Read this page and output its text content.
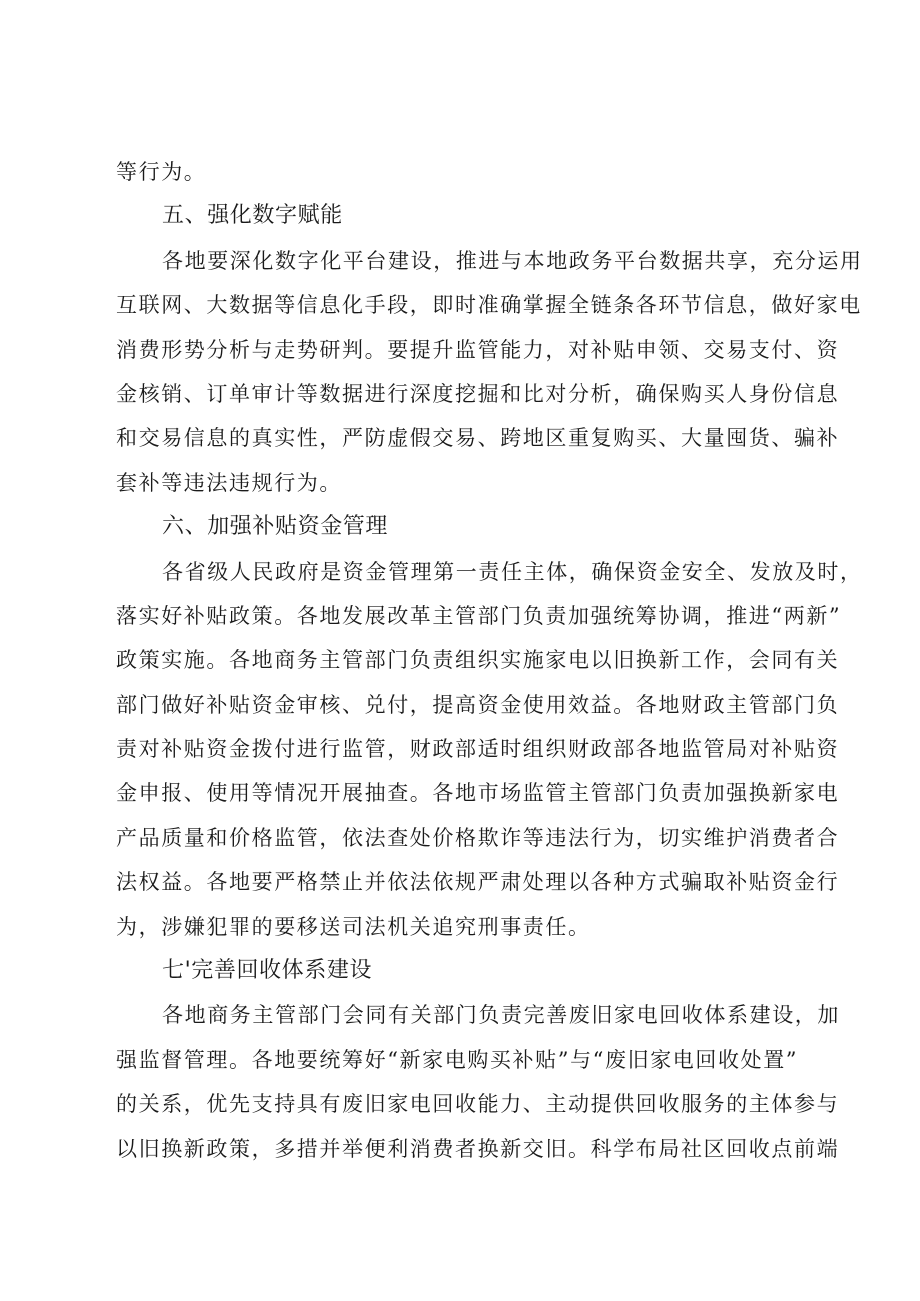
等行为。
五、强化数字赋能
各地要深化数字化平台建设，推进与本地政务平台数据共享，充分运用
互联网、大数据等信息化手段，即时准确掌握全链条各环节信息，做好家电
消费形势分析与走势研判。要提升监管能力，对补贴申领、交易支付、资
金核销、订单审计等数据进行深度挖掘和比对分析，确保购买人身份信息
和交易信息的真实性，严防虚假交易、跨地区重复购买、大量囤货、骗补
套补等违法违规行为。
六、加强补贴资金管理
各省级人民政府是资金管理第一责任主体，确保资金安全、发放及时，
落实好补贴政策。各地发展改革主管部门负责加强统筹协调，推进“两新”
政策实施。各地商务主管部门负责组织实施家电以旧换新工作，会同有关
部门做好补贴资金审核、兑付，提高资金使用效益。各地财政主管部门负
责对补贴资金拨付进行监管，财政部适时组织财政部各地监管局对补贴资
金申报、使用等情况开展抽查。各地市场监管主管部门负责加强换新家电
产品质量和价格监管，依法查处价格欺诈等违法行为，切实维护消费者合
法权益。各地要严格禁止并依法依规严肃处理以各种方式骗取补贴资金行
为，涉嫌犯罪的要移送司法机关追究刑事责任。
七'完善回收体系建设
各地商务主管部门会同有关部门负责完善废旧家电回收体系建设，加
强监督管理。各地要统筹好“新家电购买补贴”与“废旧家电回收处置”
的关系，优先支持具有废旧家电回收能力、主动提供回收服务的主体参与
以旧换新政策，多措并举便利消费者换新交旧。科学布局社区回收点前端
